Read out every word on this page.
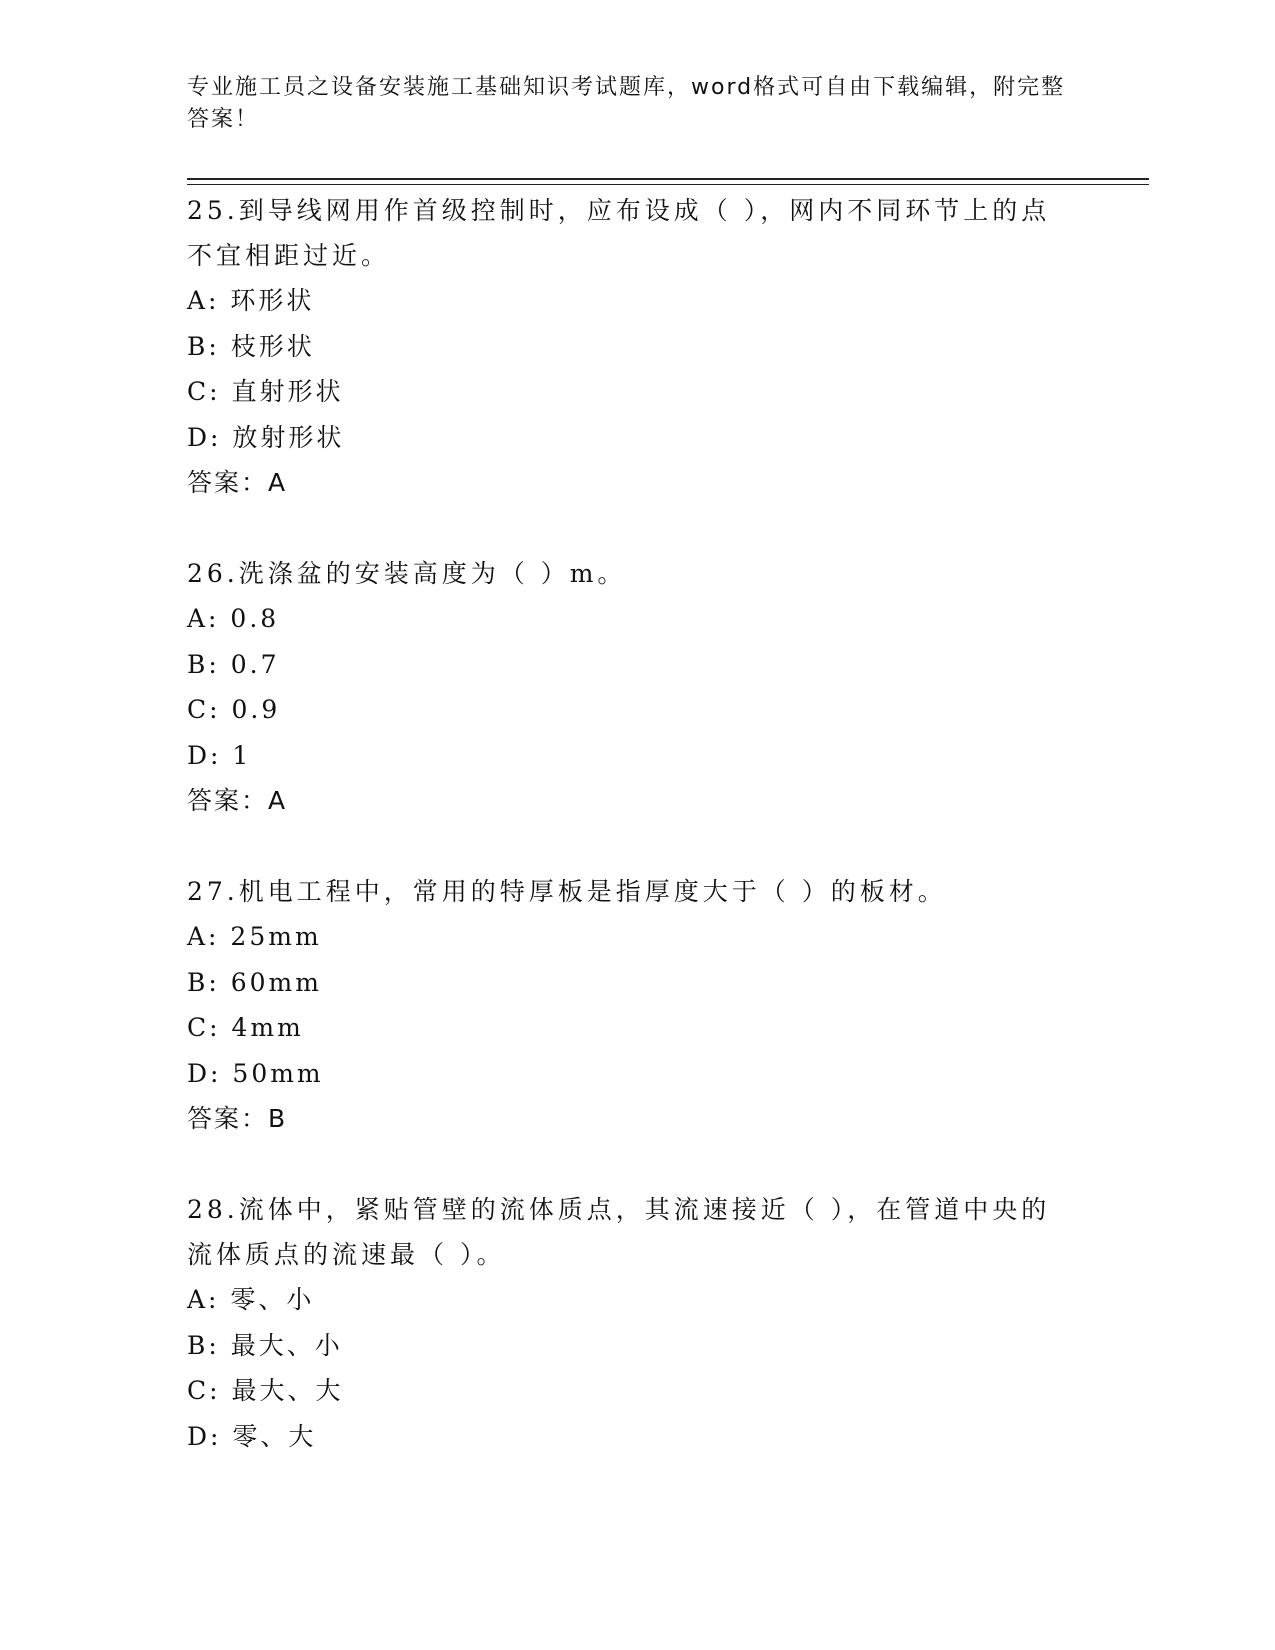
专业施工员之设备安装施工基础知识考试题库，word格式可自由下载编辑，附完整答案！
25.到导线网用作首级控制时，应布设成（ ），网内不同环节上的点不宜相距过近。
A: 环形状
B: 枝形状
C: 直射形状
D: 放射形状
答案：A
26.洗涤盆的安装高度为（ ）m。
A: 0.8
B: 0.7
C: 0.9
D: 1
答案：A
27.机电工程中，常用的特厚板是指厚度大于（ ）的板材。
A: 25mm
B: 60mm
C: 4mm
D: 50mm
答案：B
28.流体中，紧贴管壁的流体质点，其流速接近（ ），在管道中央的流体质点的流速最（ ）。
A: 零、小
B: 最大、小
C: 最大、大
D: 零、大
